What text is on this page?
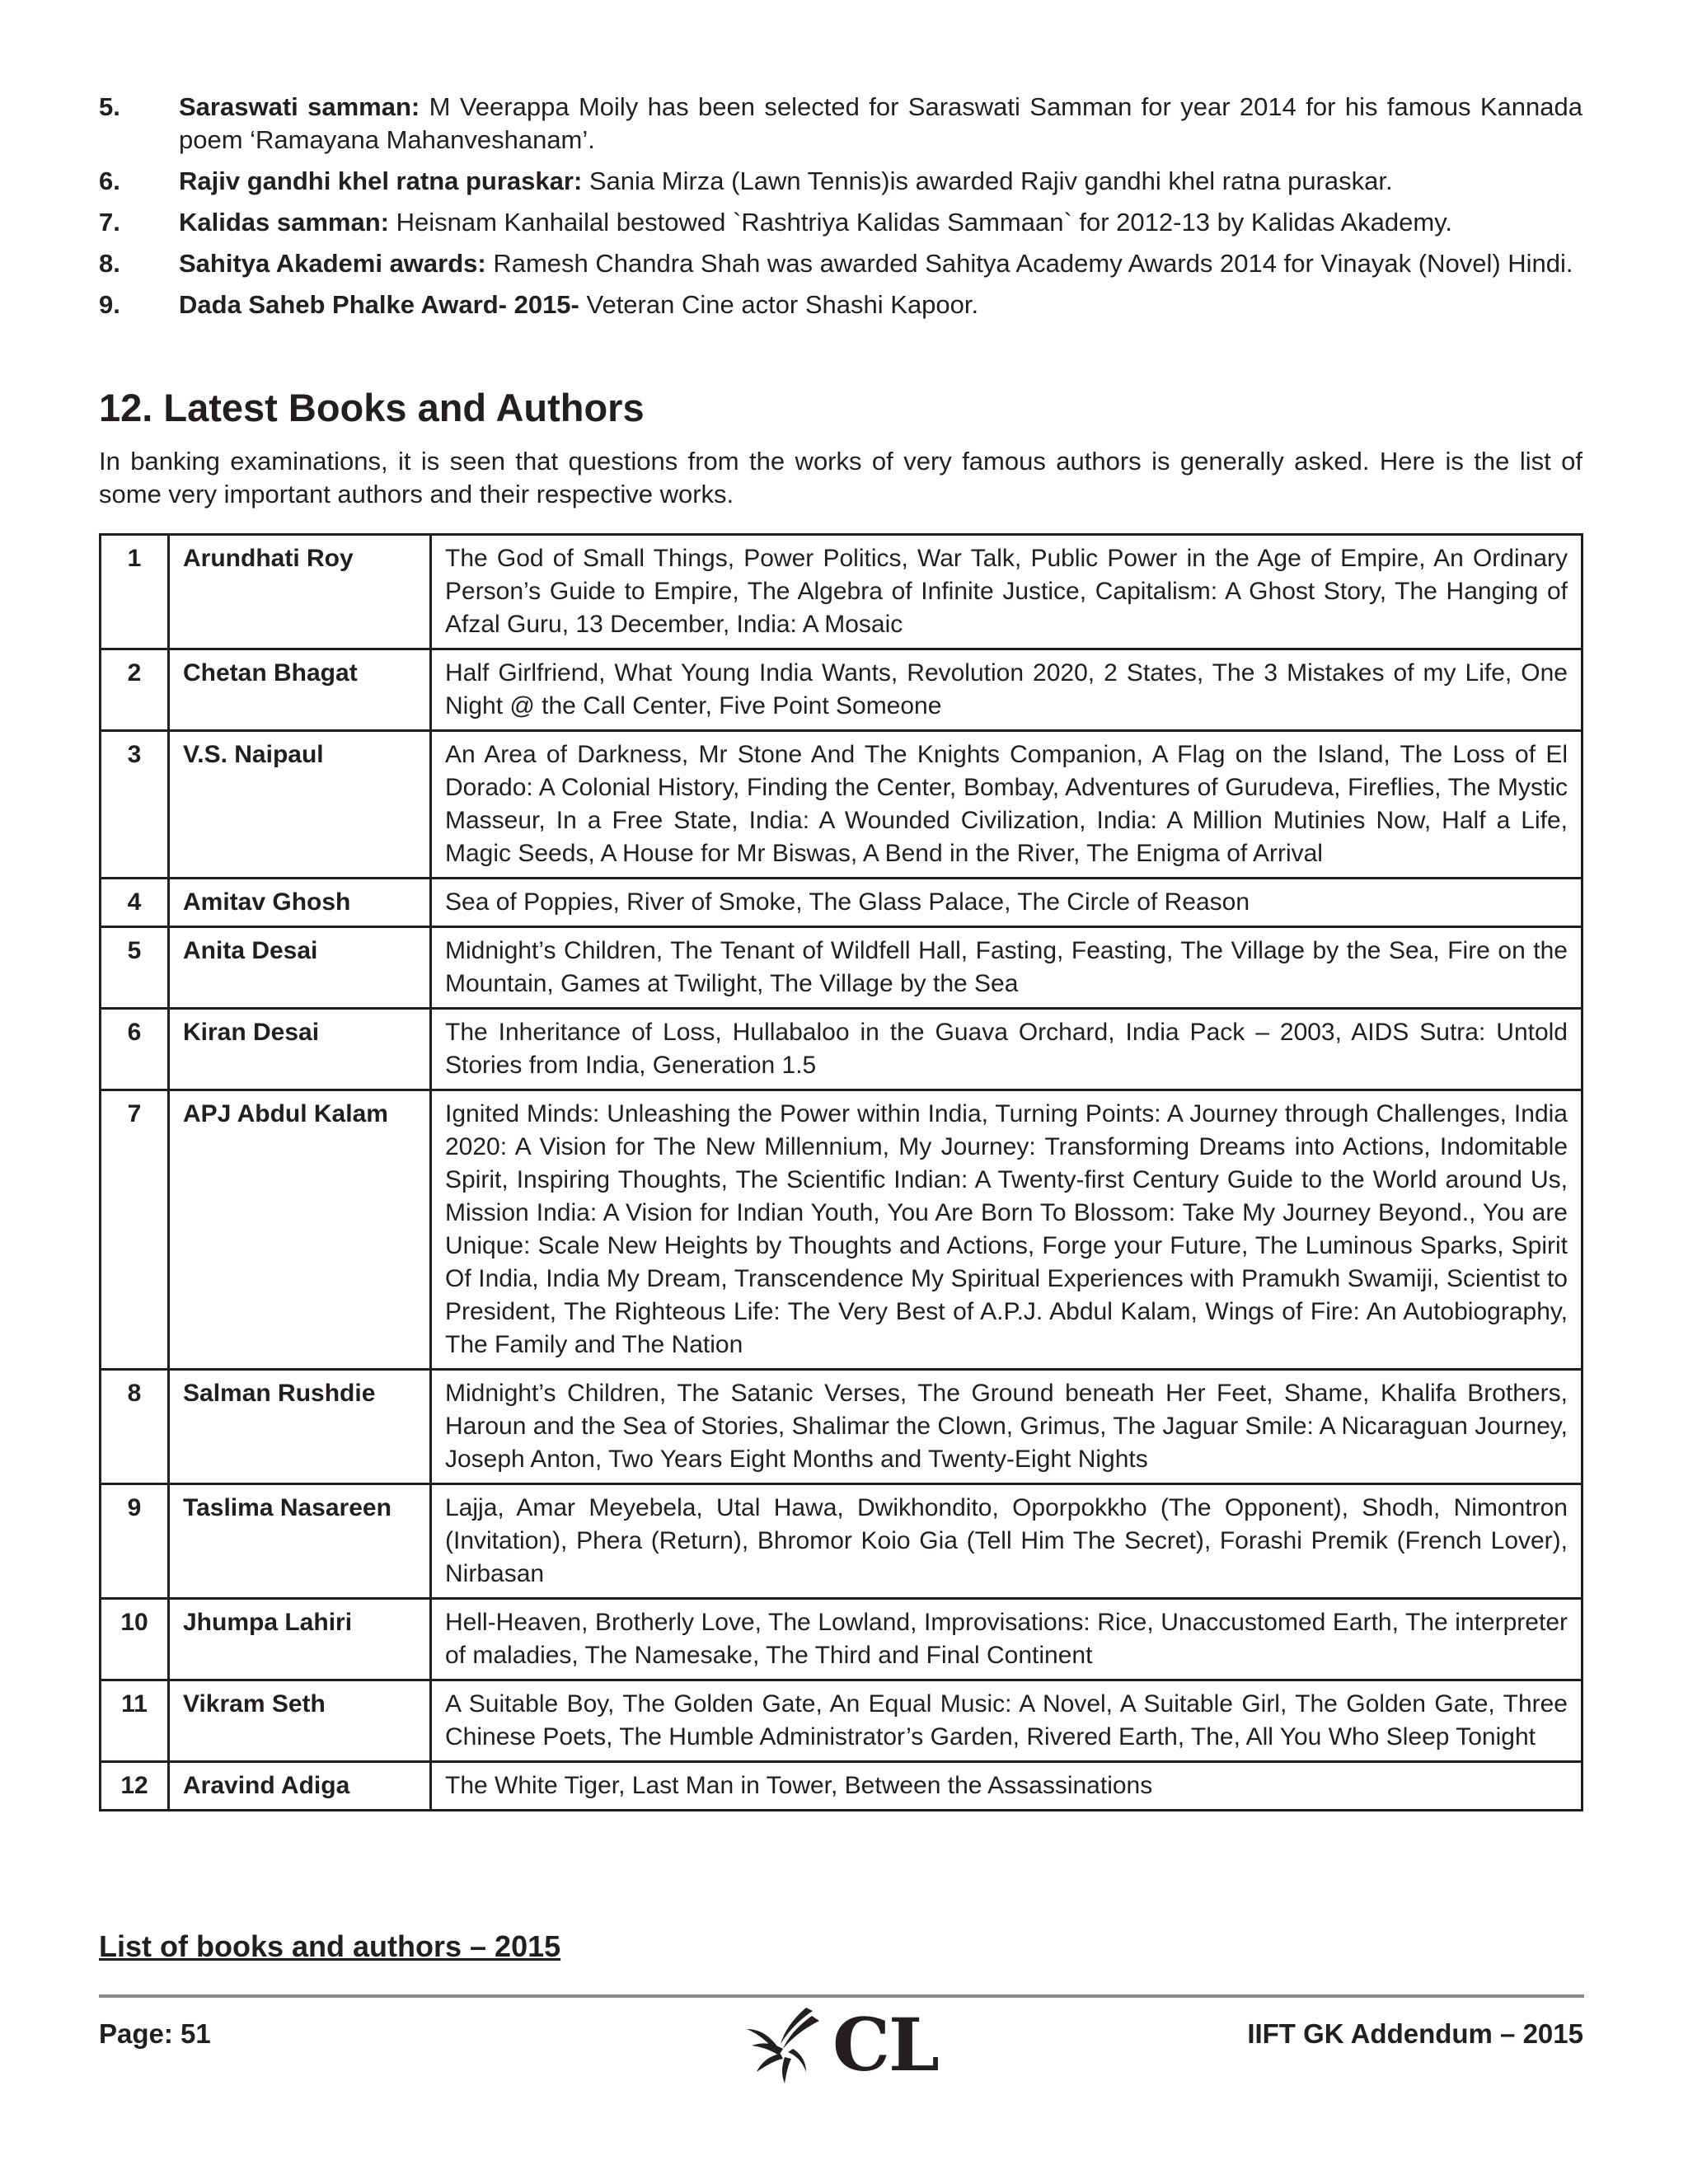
5.	Saraswati samman: M Veerappa Moily has been selected for Saraswati Samman for year 2014 for his famous Kannada poem ‘Ramayana Mahanveshanam’.
6.	Rajiv gandhi khel ratna puraskar: Sania Mirza (Lawn Tennis)is awarded Rajiv gandhi khel ratna puraskar.
7.	Kalidas samman: Heisnam Kanhailal bestowed `Rashtriya Kalidas Sammaan` for 2012-13 by Kalidas Akademy.
8.	Sahitya Akademi awards: Ramesh Chandra Shah was awarded Sahitya Academy Awards 2014 for Vinayak (Novel) Hindi.
9.	Dada Saheb Phalke Award- 2015- Veteran Cine actor Shashi Kapoor.
12. Latest Books and Authors
In banking examinations, it is seen that questions from the works of very famous authors is generally asked. Here is the list of some very important authors and their respective works.
1	Arundhati Roy	The God of Small Things, Power Politics, War Talk, Public Power in the Age of Empire, An Ordinary Person’s Guide to Empire, The Algebra of Infinite Justice, Capitalism: A Ghost Story, The Hanging of Afzal Guru, 13 December, India: A Mosaic
2	Chetan Bhagat	Half Girlfriend, What Young India Wants, Revolution 2020, 2 States, The 3 Mistakes of my Life, One Night @ the Call Center, Five Point Someone
3	V.S. Naipaul	An Area of Darkness, Mr Stone And The Knights Companion, A Flag on the Island, The Loss of El Dorado: A Colonial History, Finding the Center, Bombay, Adventures of Gurudeva, Fireflies, The Mystic Masseur, In a Free State, India: A Wounded Civilization, India: A Million Mutinies Now, Half a Life, Magic Seeds, A House for Mr Biswas, A Bend in the River, The Enigma of Arrival
4	Amitav Ghosh	Sea of Poppies, River of Smoke, The Glass Palace, The Circle of Reason
5	Anita Desai	Midnight’s Children, The Tenant of Wildfell Hall, Fasting, Feasting, The Village by the Sea, Fire on the Mountain, Games at Twilight, The Village by the Sea
6	Kiran Desai	The Inheritance of Loss, Hullabaloo in the Guava Orchard, India Pack – 2003, AIDS Sutra: Untold Stories from India, Generation 1.5
7	APJ Abdul Kalam	Ignited Minds: Unleashing the Power within India, Turning Points: A Journey through Challenges, India 2020: A Vision for The New Millennium, My Journey: Transforming Dreams into Actions, Indomitable Spirit, Inspiring Thoughts, The Scientific Indian: A Twenty-first Century Guide to the World around Us, Mission India: A Vision for Indian Youth, You Are Born To Blossom: Take My Journey Beyond., You are Unique: Scale New Heights by Thoughts and Actions, Forge your Future, The Luminous Sparks, Spirit Of India, India My Dream, Transcendence My Spiritual Experiences with Pramukh Swamiji, Scientist to President, The Righteous Life: The Very Best of A.P.J. Abdul Kalam, Wings of Fire: An Autobiography, The Family and The Nation
8	Salman Rushdie	Midnight’s Children, The Satanic Verses, The Ground beneath Her Feet, Shame, Khalifa Brothers, Haroun and the Sea of Stories, Shalimar the Clown, Grimus, The Jaguar Smile: A Nicaraguan Journey, Joseph Anton, Two Years Eight Months and Twenty-Eight Nights
9	Taslima Nasareen	Lajja, Amar Meyebela, Utal Hawa, Dwikhondito, Oporpokkho (The Opponent), Shodh, Nimontron (Invitation), Phera (Return), Bhromor Koio Gia (Tell Him The Secret), Forashi Premik (French Lover), Nirbasan
10	Jhumpa Lahiri	Hell-Heaven, Brotherly Love, The Lowland, Improvisations: Rice, Unaccustomed Earth, The interpreter of maladies, The Namesake, The Third and Final Continent
11	Vikram Seth	A Suitable Boy, The Golden Gate, An Equal Music: A Novel, A Suitable Girl, The Golden Gate, Three Chinese Poets, The Humble Administrator’s Garden, Rivered Earth, The, All You Who Sleep Tonight
12	Aravind Adiga	The White Tiger, Last Man in Tower, Between the Assassinations
List of books and authors – 2015
Page: 51	CL	IIFT GK Addendum – 2015
